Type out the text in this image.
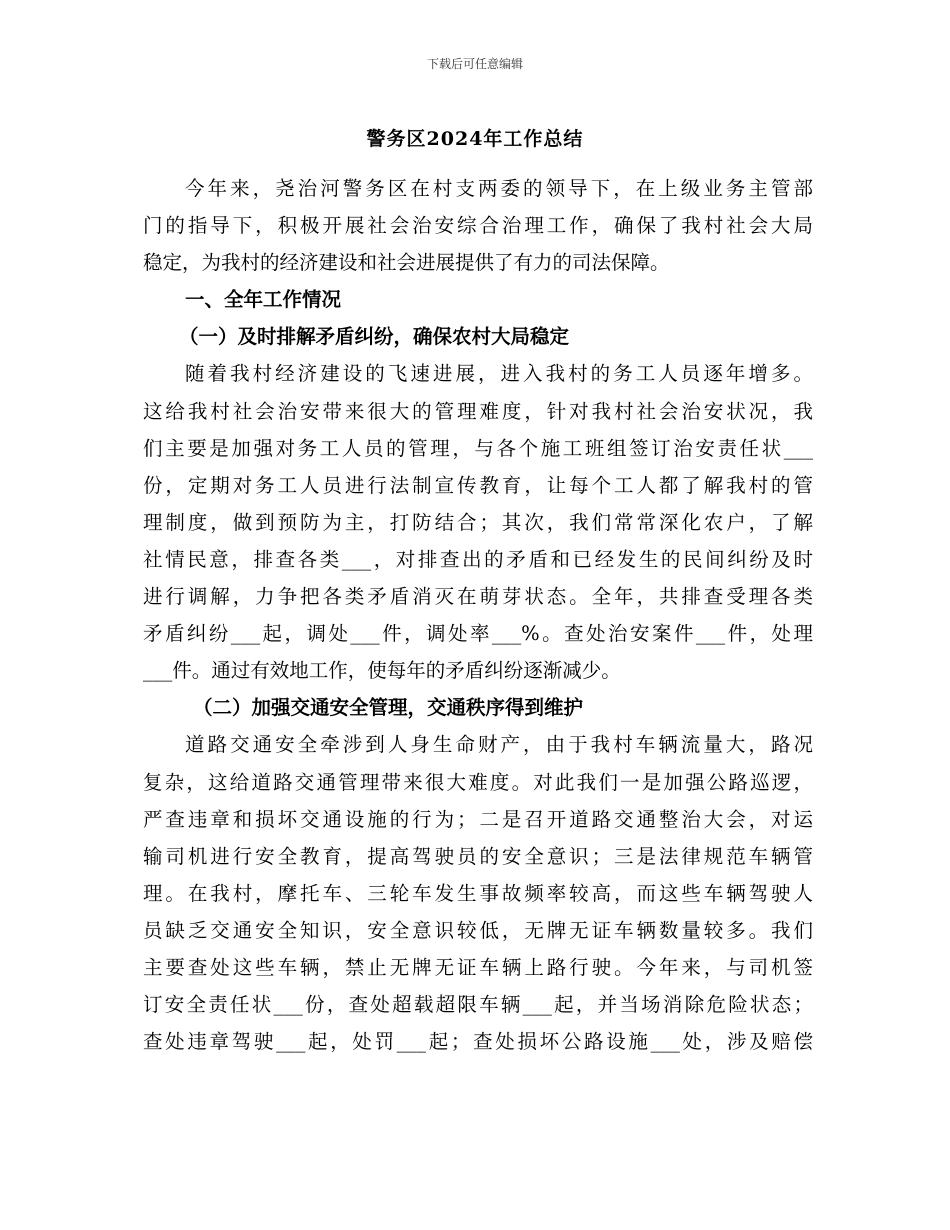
下载后可任意编辑
警务区2024年工作总结
今年来，尧治河警务区在村支两委的领导下，在上级业务主管部
门的指导下，积极开展社会治安综合治理工作，确保了我村社会大局
稳定，为我村的经济建设和社会进展提供了有力的司法保障。
一、全年工作情况
（一）及时排解矛盾纠纷，确保农村大局稳定
随着我村经济建设的飞速进展，进入我村的务工人员逐年增多。
这给我村社会治安带来很大的管理难度，针对我村社会治安状况，我
们主要是加强对务工人员的管理，与各个施工班组签订治安责任状___
份，定期对务工人员进行法制宣传教育，让每个工人都了解我村的管
理制度，做到预防为主，打防结合；其次，我们常常深化农户，了解
社情民意，排查各类___，对排查出的矛盾和已经发生的民间纠纷及时
进行调解，力争把各类矛盾消灭在萌芽状态。全年，共排查受理各类
矛盾纠纷___起，调处___件，调处率___%。查处治安案件___件，处理
___件。通过有效地工作，使每年的矛盾纠纷逐渐减少。
（二）加强交通安全管理，交通秩序得到维护
道路交通安全牵涉到人身生命财产，由于我村车辆流量大，路况
复杂，这给道路交通管理带来很大难度。对此我们一是加强公路巡逻，
严查违章和损坏交通设施的行为；二是召开道路交通整治大会，对运
输司机进行安全教育，提高驾驶员的安全意识；三是法律规范车辆管
理。在我村，摩托车、三轮车发生事故频率较高，而这些车辆驾驶人
员缺乏交通安全知识，安全意识较低，无牌无证车辆数量较多。我们
主要查处这些车辆，禁止无牌无证车辆上路行驶。今年来，与司机签
订安全责任状___份，查处超载超限车辆___起，并当场消除危险状态；
查处违章驾驶___起，处罚___起；查处损坏公路设施___处，涉及赔偿
